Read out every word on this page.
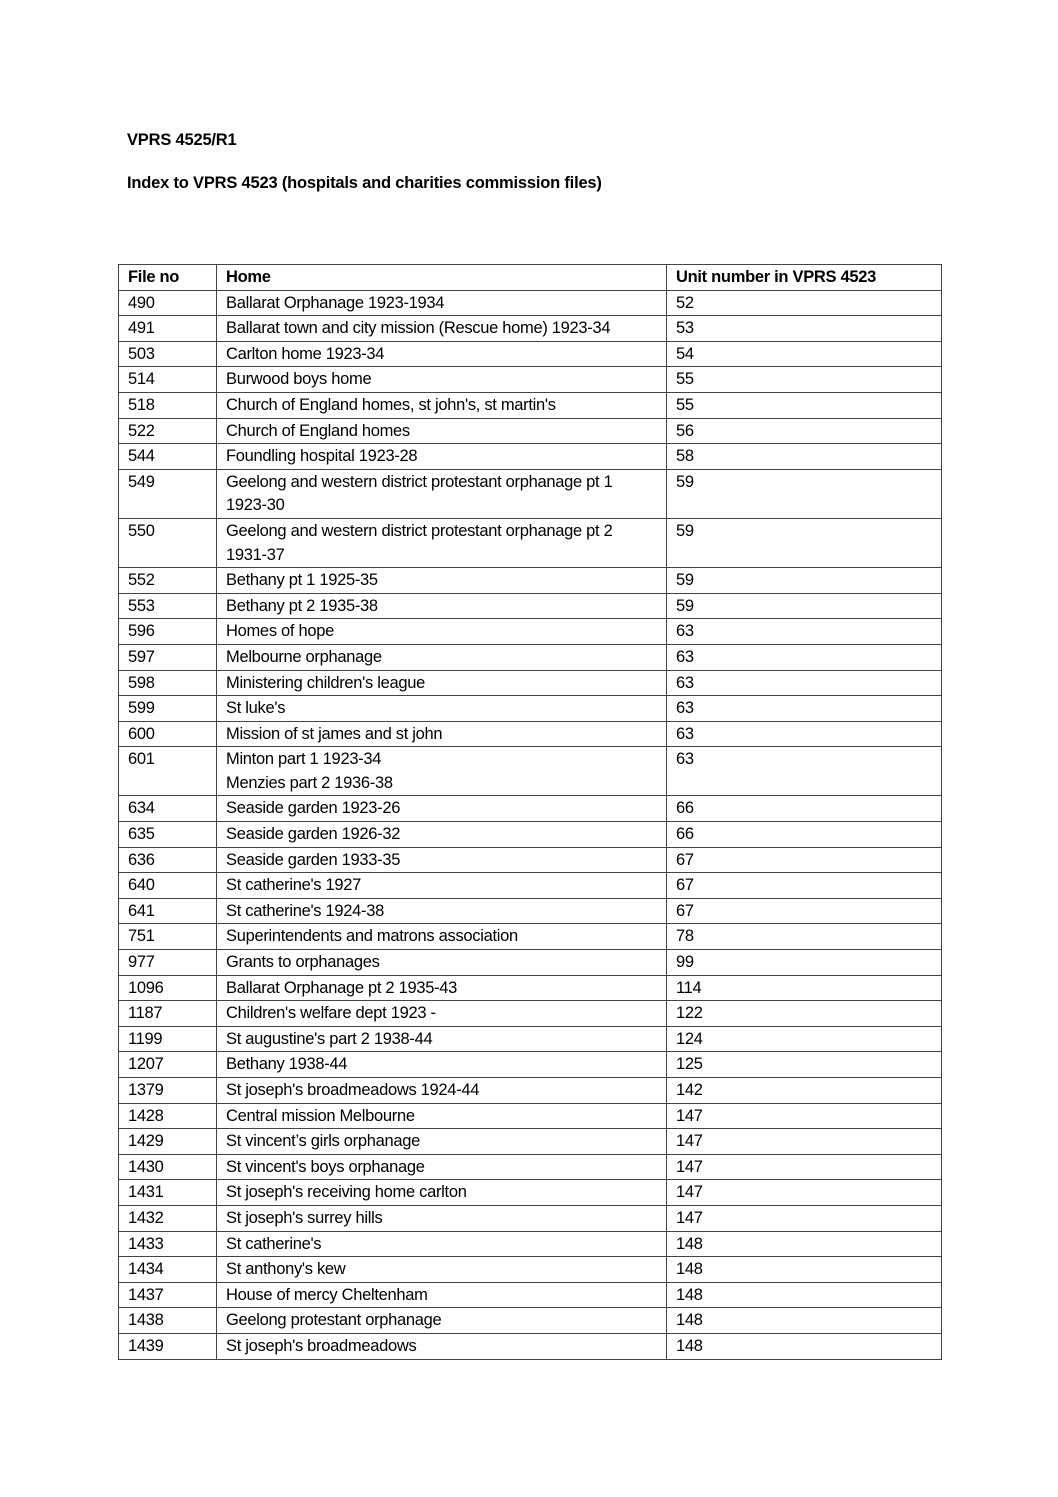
VPRS 4525/R1
Index to VPRS 4523 (hospitals and charities commission files)
File no	Home	Unit number in VPRS 4523
490	Ballarat Orphanage 1923-1934	52
491	Ballarat town and city mission (Rescue home) 1923-34	53
503	Carlton home 1923-34	54
514	Burwood boys home	55
518	Church of England homes, st john's, st martin's	55
522	Church of England homes	56
544	Foundling hospital 1923-28	58
549	Geelong and western district protestant orphanage pt 1 1923-30	59
550	Geelong and western district protestant orphanage pt 2 1931-37	59
552	Bethany pt 1 1925-35	59
553	Bethany pt 2 1935-38	59
596	Homes of hope	63
597	Melbourne orphanage	63
598	Ministering children's league	63
599	St luke's	63
600	Mission of st james and st john	63
601	Minton part 1 1923-34
Menzies part 2 1936-38	63
634	Seaside garden 1923-26	66
635	Seaside garden 1926-32	66
636	Seaside garden 1933-35	67
640	St catherine's 1927	67
641	St catherine's 1924-38	67
751	Superintendents and matrons association	78
977	Grants to orphanages	99
1096	Ballarat Orphanage pt 2 1935-43	114
1187	Children's welfare dept 1923 -	122
1199	St augustine's part 2 1938-44	124
1207	Bethany 1938-44	125
1379	St joseph's broadmeadows 1924-44	142
1428	Central mission Melbourne	147
1429	St vincent’s girls orphanage	147
1430	St vincent's boys orphanage	147
1431	St joseph's receiving home carlton	147
1432	St joseph's surrey hills	147
1433	St catherine's	148
1434	St anthony's kew	148
1437	House of mercy Cheltenham	148
1438	Geelong protestant orphanage	148
1439	St joseph's broadmeadows	148
